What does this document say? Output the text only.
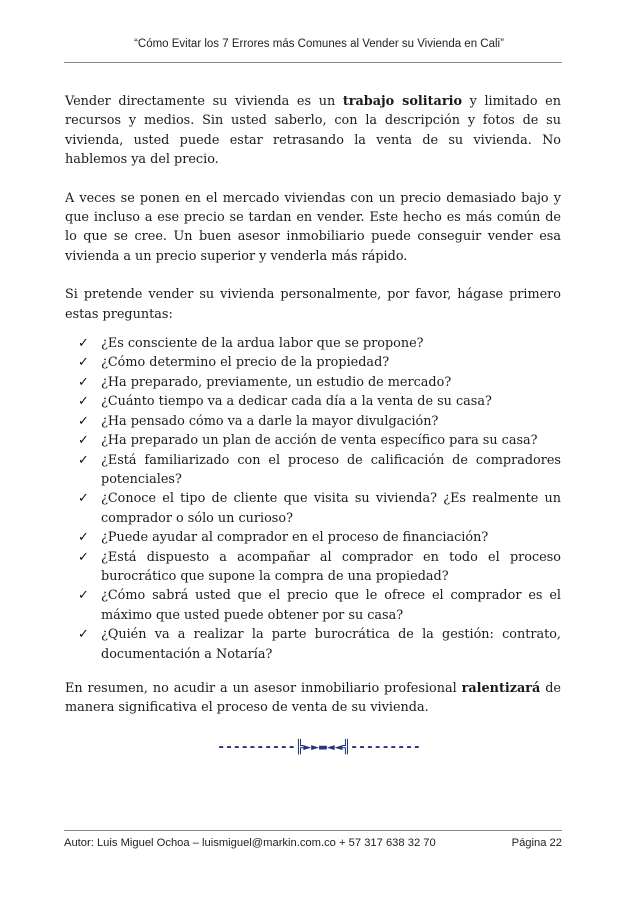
“Cómo Evitar los 7 Errores más Comunes al Vender su Vivienda en Cali”

Vender directamente su vivienda es un trabajo solitario y limitado en recursos y medios. Sin usted saberlo, con la descripción y fotos de su vivienda, usted puede estar retrasando la venta de su vivienda. No hablemos ya del precio.

A veces se ponen en el mercado viviendas con un precio demasiado bajo y que incluso a ese precio se tardan en vender. Este hecho es más común de lo que se cree. Un buen asesor inmobiliario puede conseguir vender esa vivienda a un precio superior y venderla más rápido.

Si pretende vender su vivienda personalmente, por favor, hágase primero estas preguntas:

✓ ¿Es consciente de la ardua labor que se propone?
✓ ¿Cómo determino el precio de la propiedad?
✓ ¿Ha preparado, previamente, un estudio de mercado?
✓ ¿Cuánto tiempo va a dedicar cada día a la venta de su casa?
✓ ¿Ha pensado cómo va a darle la mayor divulgación?
✓ ¿Ha preparado un plan de acción de venta específico para su casa?
✓ ¿Está familiarizado con el proceso de calificación de compradores potenciales?
✓ ¿Conoce el tipo de cliente que visita su vivienda? ¿Es realmente un comprador o sólo un curioso?
✓ ¿Puede ayudar al comprador en el proceso de financiación?
✓ ¿Está dispuesto a acompañar al comprador en todo el proceso burocrático que supone la compra de una propiedad?
✓ ¿Cómo sabrá usted que el precio que le ofrece el comprador es el máximo que usted puede obtener por su casa?
✓ ¿Quién va a realizar la parte burocrática de la gestión: contrato, documentación a Notaría?

En resumen, no acudir a un asesor inmobiliario profesional ralentizará de manera significativa el proceso de venta de su vivienda.

----------╠►►▬◄◄╣---------
Autor: Luis Miguel Ochoa – luismiguel@markin.com.co + 57 317 638 32 70	Página 22
